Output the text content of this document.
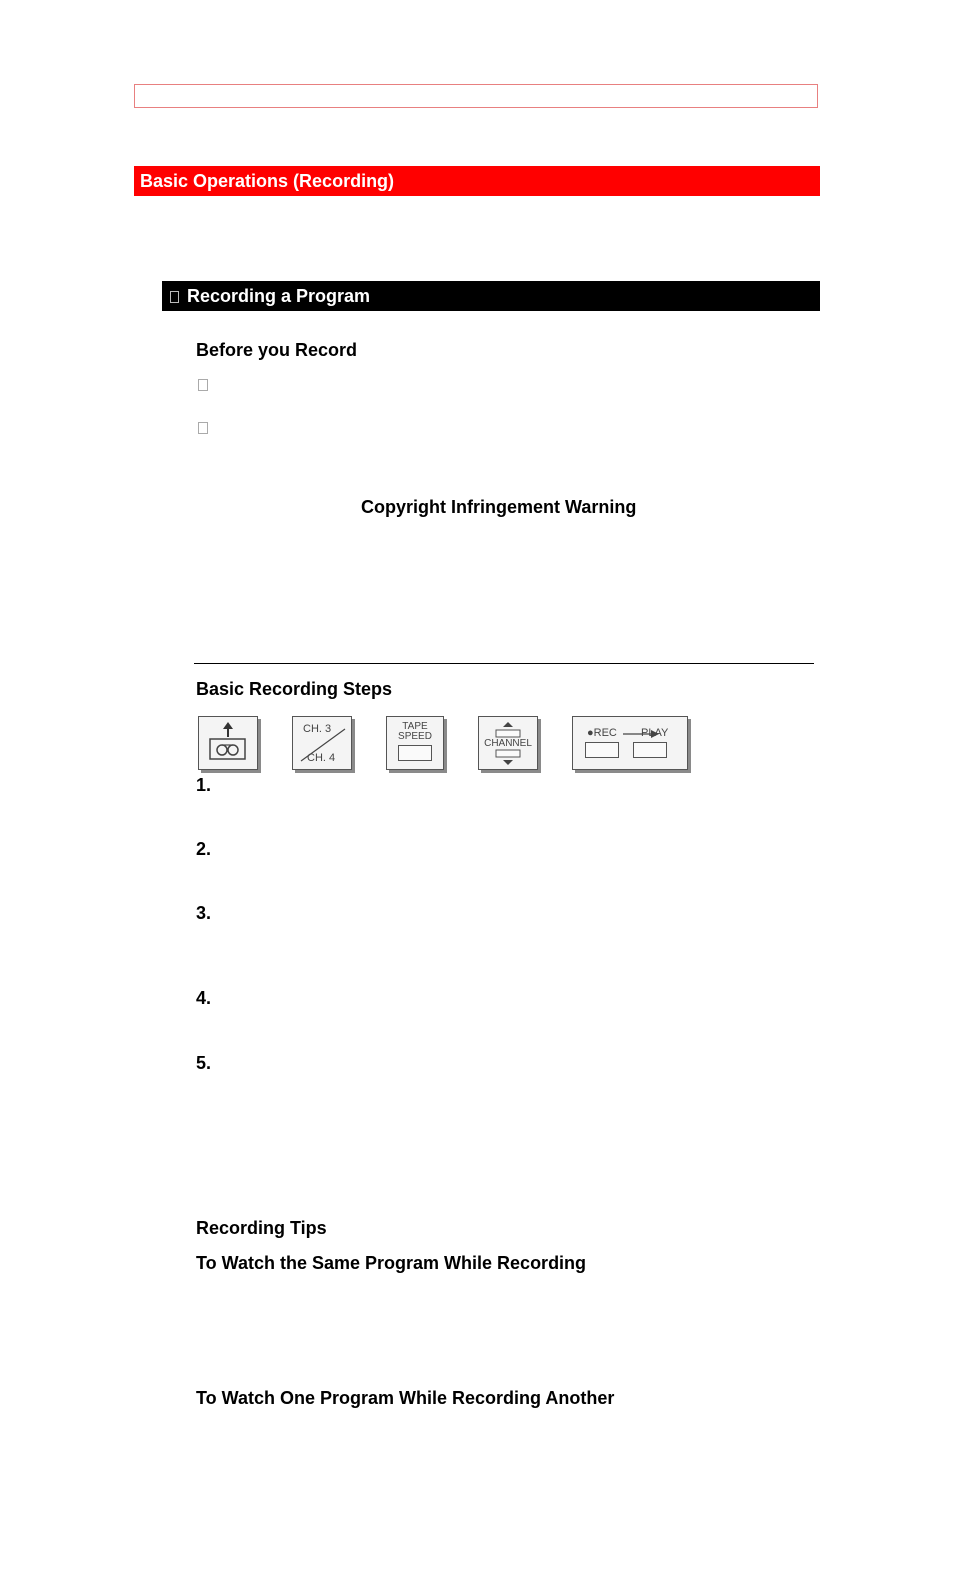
Basic Operations (Recording)
Recording a Program
Before you Record
Copyright Infringement Warning
Basic Recording Steps
CH. 3
CH. 4
TAPE
SPEED
CHANNEL
●REC PLAY
1.
2.
3.
4.
5.
Recording Tips
To Watch the Same Program While Recording
To Watch One Program While Recording Another
